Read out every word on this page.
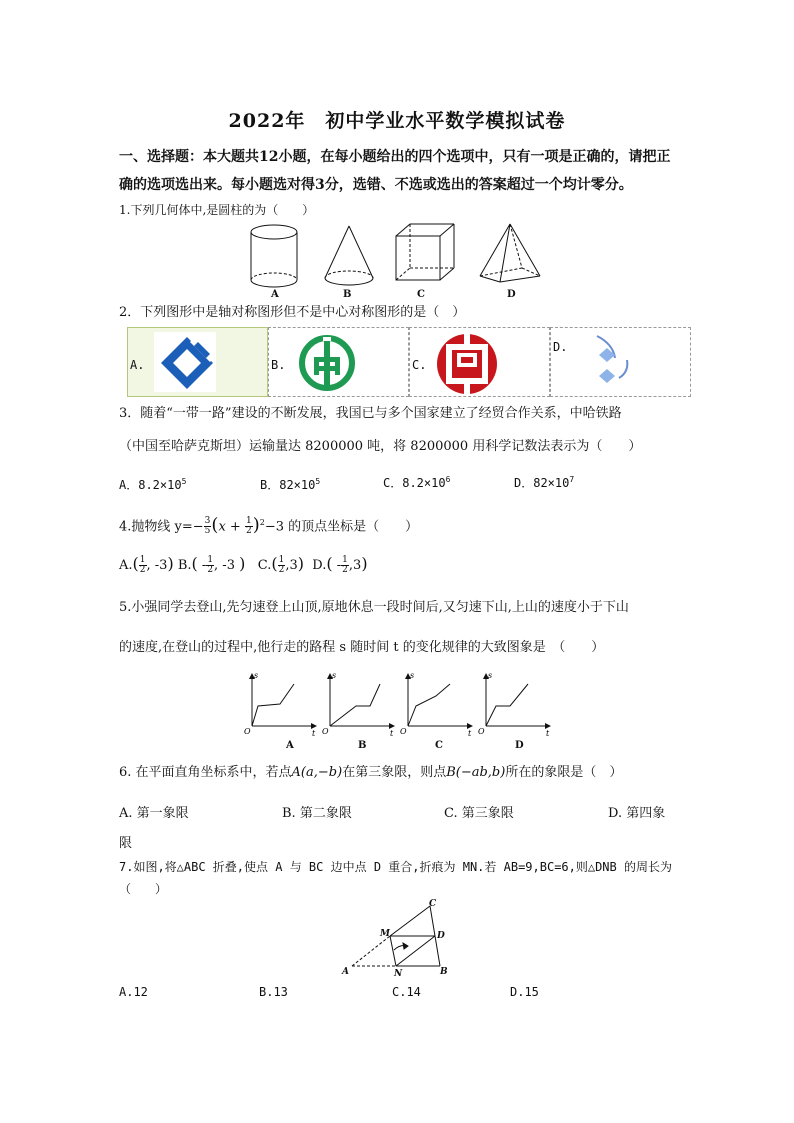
2022年　初中学业水平数学模拟试卷
一、选择题：本大题共12小题，在每小题给出的四个选项中，只有一项是正确的，请把正
确的选项选出来。每小题选对得3分，选错、不选或选出的答案超过一个均计零分。
1.下列几何体中,是圆柱的为（　　）
A	B	C	D
2．下列图形中是轴对称图形但不是中心对称图形的是（　）
A.	B.	C.
D.
3．随着“一带一路”建设的不断发展，我国已与多个国家建立了经贸合作关系，中哈铁路
（中国至哈萨克斯坦）运输量达 8200000 吨，将 8200000 用科学记数法表示为（　　）
A．$8.2\times 10^5$	B．$82\times 10^5$	C．$8.2\times 10^6$	D．$82\times 10^7$
4.抛物线 $y=- \frac{3}{5} (x + \frac{1}{2} )^2-3$ 的顶点坐标是（　　）
$A.( \frac{1}{2}$ , -3) $B.( - \frac{1}{2}$ , -3 ) $C.( \frac{1}{2} ,3)$ $D.( - \frac{1}{2} ,3)$
5.小强同学去登山,先匀速登上山顶,原地休息一段时间后,又匀速下山,上山的速度小于下山
的速度,在登山的过程中,他行走的路程 s 随时间 t 的变化规律的大致图象是　（　　）
s
t
O
s
t
O
s
t
O
s
t
O
A	B	C	D
6. 在平面直角坐标系中，若点A(a,−b)在第三象限，则点B(−ab,b)所在的象限是（　）
A. 第一象限	B. 第二象限	C. 第三象限	D. 第四象
限
7.如图,将△ABC 折叠,使点 A 与 BC 边中点 D 重合,折痕为 MN.若 AB=9,BC=6,则△DNB 的周长为
（　　）
A
M
N	B
D
C
A.12	B.13	C.14	D.15
